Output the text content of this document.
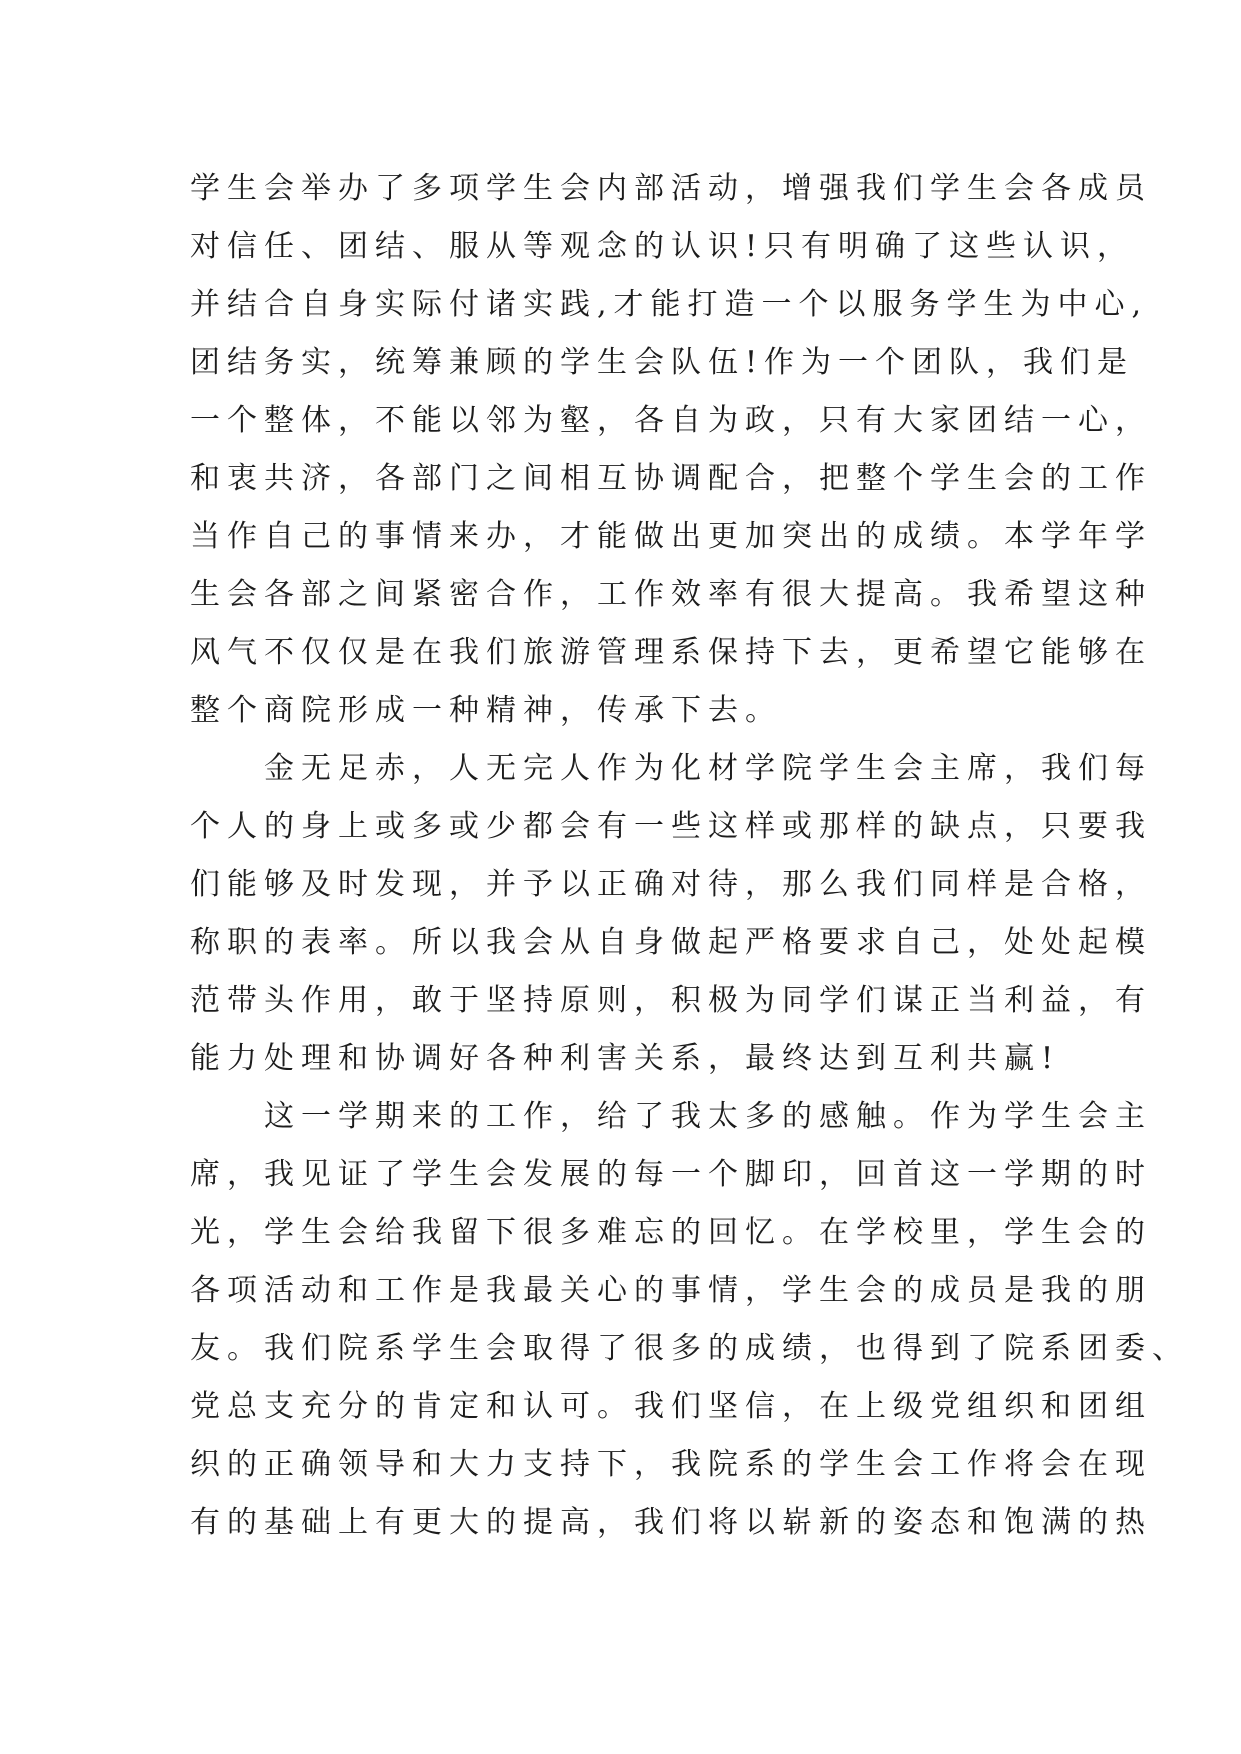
学生会举办了多项学生会内部活动，增强我们学生会各成员
对信任、团结、服从等观念的认识!只有明确了这些认识，
并结合自身实际付诸实践,才能打造一个以服务学生为中心,
团结务实，统筹兼顾的学生会队伍!作为一个团队，我们是
一个整体，不能以邻为壑，各自为政，只有大家团结一心，
和衷共济，各部门之间相互协调配合，把整个学生会的工作
当作自己的事情来办，才能做出更加突出的成绩。本学年学
生会各部之间紧密合作，工作效率有很大提高。我希望这种
风气不仅仅是在我们旅游管理系保持下去，更希望它能够在
整个商院形成一种精神，传承下去。
　　金无足赤，人无完人作为化材学院学生会主席，我们每
个人的身上或多或少都会有一些这样或那样的缺点，只要我
们能够及时发现，并予以正确对待，那么我们同样是合格，
称职的表率。所以我会从自身做起严格要求自己，处处起模
范带头作用，敢于坚持原则，积极为同学们谋正当利益，有
能力处理和协调好各种利害关系，最终达到互利共赢!
　　这一学期来的工作，给了我太多的感触。作为学生会主
席，我见证了学生会发展的每一个脚印，回首这一学期的时
光，学生会给我留下很多难忘的回忆。在学校里，学生会的
各项活动和工作是我最关心的事情，学生会的成员是我的朋
友。我们院系学生会取得了很多的成绩，也得到了院系团委、
党总支充分的肯定和认可。我们坚信，在上级党组织和团组
织的正确领导和大力支持下，我院系的学生会工作将会在现
有的基础上有更大的提高，我们将以崭新的姿态和饱满的热
